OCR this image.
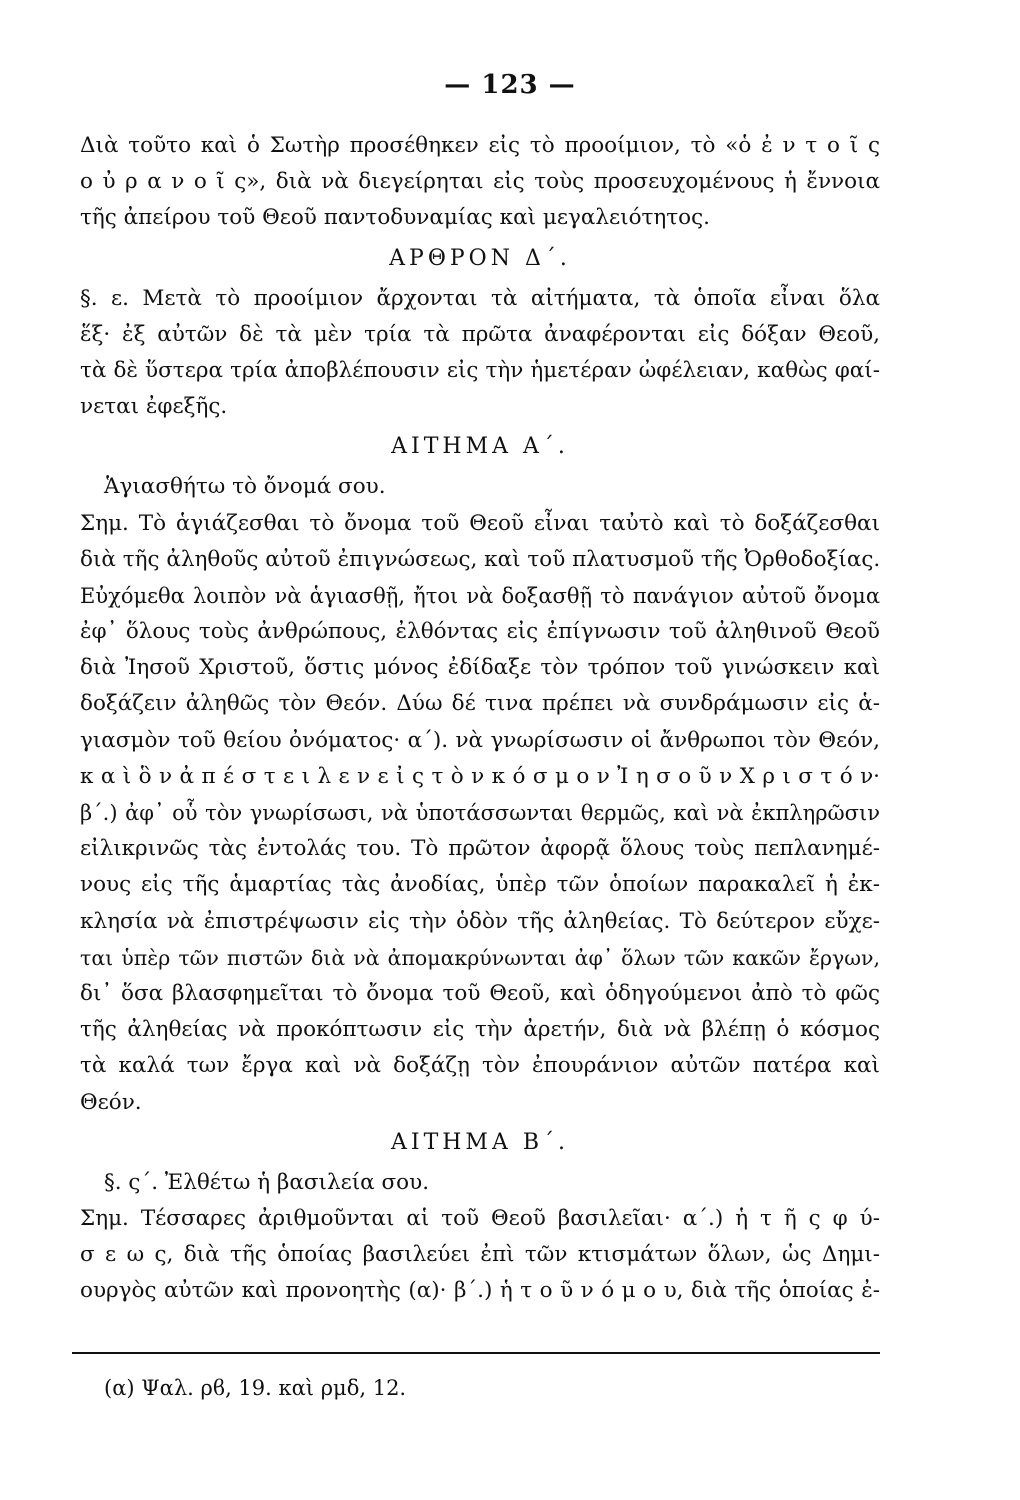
— 123 —
Διὰ τοῦτο καὶ ὁ Σωτὴρ προσέθηκεν εἰς τὸ προοίμιον, τὸ «ὁ ἐ ν τ ο ῖ ς
ο ὐ ρ α ν ο ῖ ς», διὰ νὰ διεγείρηται εἰς τοὺς προσευχομένους ἡ ἔννοια
τῆς ἀπείρου τοῦ Θεοῦ παντοδυναμίας καὶ μεγαλειότητος.
ΑΡΘΡΟΝ Δ΄.
§. ε. Μετὰ τὸ προοίμιον ἄρχονται τὰ αἰτήματα, τὰ ὁποῖα εἶναι ὅλα
ἕξ· ἐξ αὐτῶν δὲ τὰ μὲν τρία τὰ πρῶτα ἀναφέρονται εἰς δόξαν Θεοῦ,
τὰ δὲ ὕστερα τρία ἀποβλέπουσιν εἰς τὴν ἡμετέραν ὠφέλειαν, καθὼς φαί-
νεται ἐφεξῆς.
ΑΙΤΗΜΑ Α΄.
Ἁγιασθήτω τὸ ὄνομά σου.
Σημ. Τὸ ἁγιάζεσθαι τὸ ὄνομα τοῦ Θεοῦ εἶναι ταὐτὸ καὶ τὸ δοξάζεσθαι
διὰ τῆς ἀληθοῦς αὐτοῦ ἐπιγνώσεως, καὶ τοῦ πλατυσμοῦ τῆς Ὀρθοδοξίας.
Εὐχόμεθα λοιπὸν νὰ ἁγιασθῇ, ἤτοι νὰ δοξασθῇ τὸ πανάγιον αὐτοῦ ὄνομα
ἐφ᾽ ὅλους τοὺς ἀνθρώπους, ἐλθόντας εἰς ἐπίγνωσιν τοῦ ἀληθινοῦ Θεοῦ
διὰ Ἰησοῦ Χριστοῦ, ὅστις μόνος ἐδίδαξε τὸν τρόπον τοῦ γινώσκειν καὶ
δοξάζειν ἀληθῶς τὸν Θεόν. Δύω δέ τινα πρέπει νὰ συνδράμωσιν εἰς ἁ-
γιασμὸν τοῦ θείου ὀνόματος· α΄). νὰ γνωρίσωσιν οἱ ἄνθρωποι τὸν Θεόν,
κ α ὶ ὃ ν ἀ π έ σ τ ε ι λ ε ν ε ἰ ς τ ὸ ν κ ό σ μ ο ν Ἰ η σ ο ῦ ν Χ ρ ι σ τ ό ν·
β΄.) ἀφ᾽ οὗ τὸν γνωρίσωσι, νὰ ὑποτάσσωνται θερμῶς, καὶ νὰ ἐκπληρῶσιν
εἰλικρινῶς τὰς ἐντολάς του. Τὸ πρῶτον ἀφορᾷ ὅλους τοὺς πεπλανημέ-
νους εἰς τῆς ἁμαρτίας τὰς ἀνοδίας, ὑπὲρ τῶν ὁποίων παρακαλεῖ ἡ ἐκ-
κλησία νὰ ἐπιστρέψωσιν εἰς τὴν ὁδὸν τῆς ἀληθείας. Τὸ δεύτερον εὔχε-
ται ὑπὲρ τῶν πιστῶν διὰ νὰ ἀπομακρύνωνται ἀφ᾽ ὅλων τῶν κακῶν ἔργων,
δι᾽ ὅσα βλασφημεῖται τὸ ὄνομα τοῦ Θεοῦ, καὶ ὁδηγούμενοι ἀπὸ τὸ φῶς
τῆς ἀληθείας νὰ προκόπτωσιν εἰς τὴν ἀρετήν, διὰ νὰ βλέπῃ ὁ κόσμος
τὰ καλά των ἔργα καὶ νὰ δοξάζῃ τὸν ἐπουράνιον αὐτῶν πατέρα καὶ
Θεόν.
ΑΙΤΗΜΑ Β΄.
§. ς΄. Ἐλθέτω ἡ βασιλεία σου.
Σημ. Τέσσαρες ἀριθμοῦνται αἱ τοῦ Θεοῦ βασιλεῖαι· α΄.) ἡ τ ῆ ς φ ύ-
σ ε ω ς, διὰ τῆς ὁποίας βασιλεύει ἐπὶ τῶν κτισμάτων ὅλων, ὡς Δημι-
ουργὸς αὐτῶν καὶ προνοητὴς (α)· β΄.) ἡ τ ο ῦ ν ό μ ο υ, διὰ τῆς ὁποίας ἐ-
(α) Ψαλ. ρϐ, 19. καὶ ρμδ, 12.
